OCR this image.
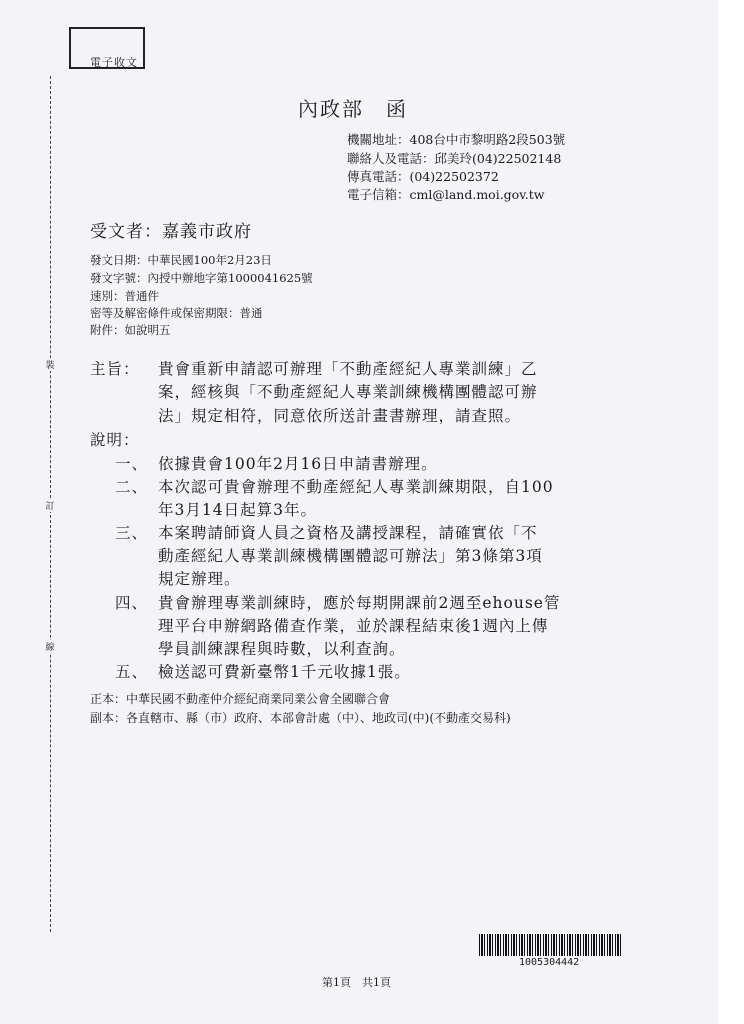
電子收文
裝
訂
線
內政部　函
機關地址：408台中市黎明路2段503號
聯絡人及電話：邱美玲(04)22502148
傳真電話：(04)22502372
電子信箱：cml@land.moi.gov.tw
受文者：嘉義市政府
發文日期：中華民國100年2月23日
發文字號：內授中辦地字第1000041625號
速別：普通件
密等及解密條件或保密期限：普通
附件：如說明五
主旨： 貴會重新申請認可辦理「不動產經紀人專業訓練」乙
案，經核與「不動產經紀人專業訓練機構團體認可辦
法」規定相符，同意依所送計畫書辦理，請查照。
說明：
一、 依據貴會100年2月16日申請書辦理。
二、 本次認可貴會辦理不動產經紀人專業訓練期限，自100
年3月14日起算3年。
三、 本案聘請師資人員之資格及講授課程，請確實依「不
動產經紀人專業訓練機構團體認可辦法」第3條第3項
規定辦理。
四、 貴會辦理專業訓練時，應於每期開課前2週至ehouse管
理平台申辦網路備查作業，並於課程結束後1週內上傳
學員訓練課程與時數，以利查詢。
五、 檢送認可費新臺幣1千元收據1張。
正本：中華民國不動產仲介經紀商業同業公會全國聯合會
副本：各直轄市、縣（市）政府、本部會計處（中）、地政司(中)(不動產交易科)
1005304442
第1頁　共1頁
